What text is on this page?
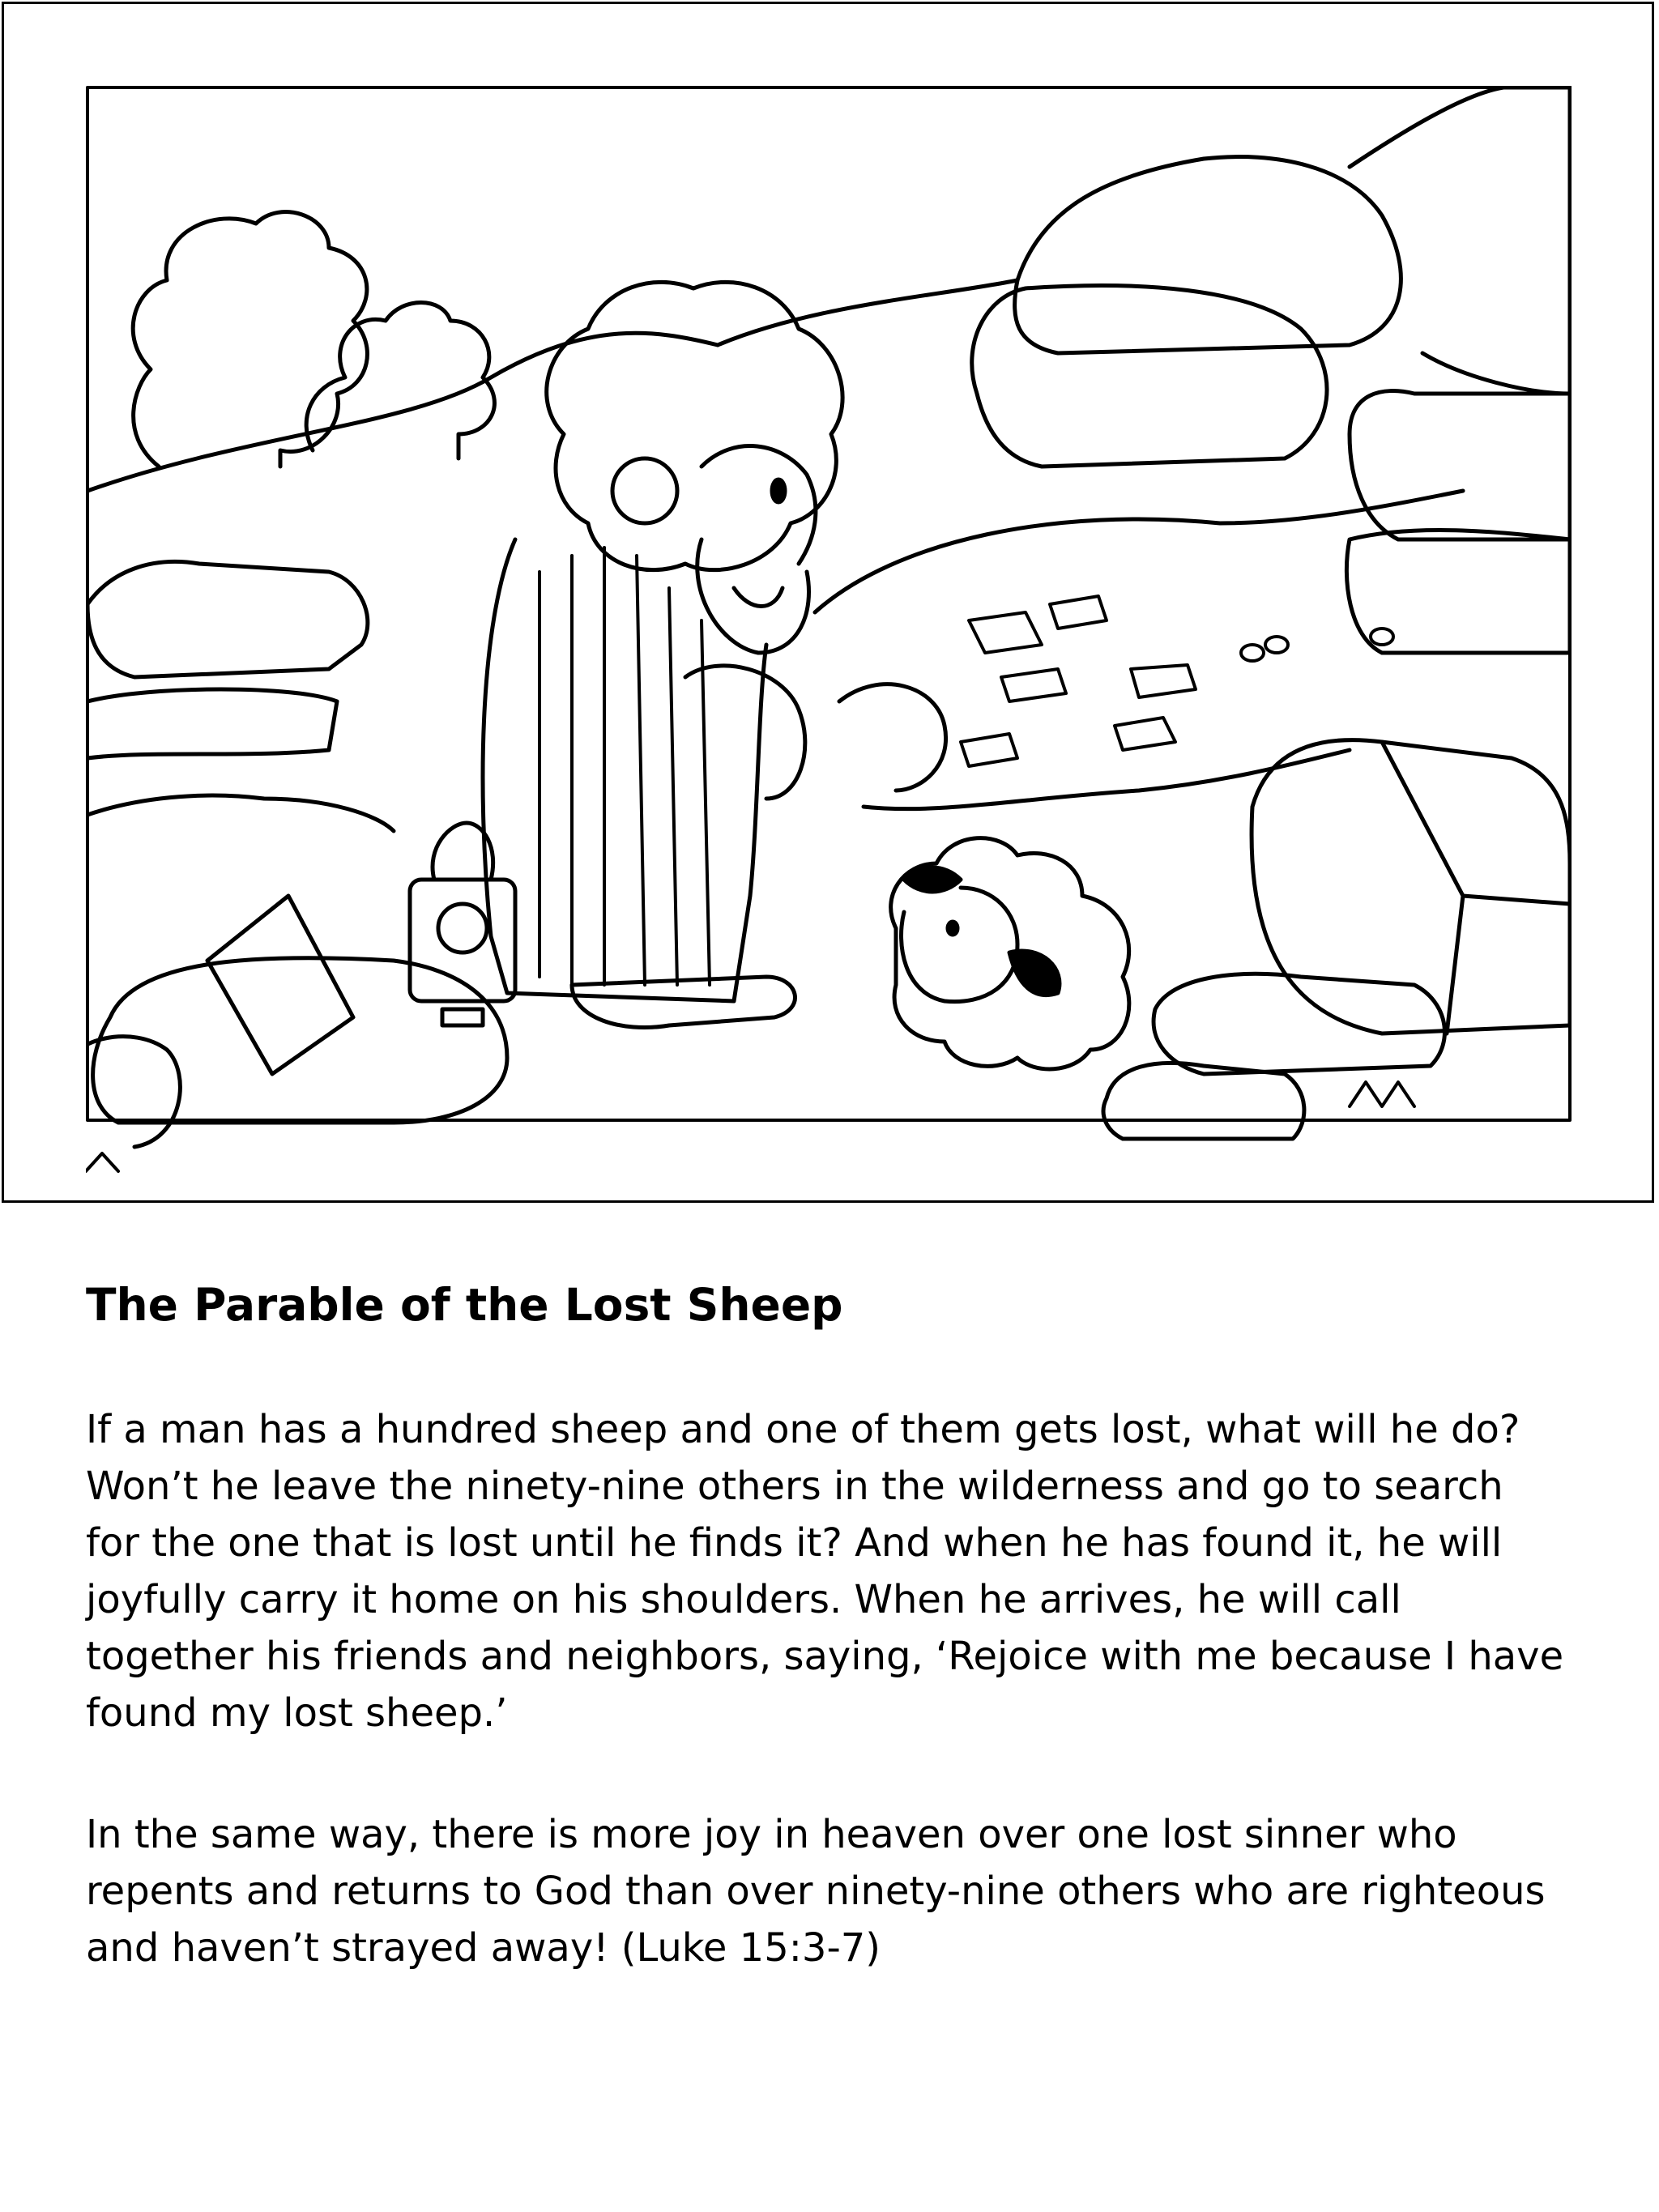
The Parable of the Lost Sheep

If a man has a hundred sheep and one of them gets lost, what will he do? Won’t he leave the ninety-nine others in the wilderness and go to search for the one that is lost until he finds it? And when he has found it, he will joyfully carry it home on his shoulders. When he arrives, he will call together his friends and neighbors, saying, ‘Rejoice with me because I have found my lost sheep.’

In the same way, there is more joy in heaven over one lost sinner who repents and returns to God than over ninety-nine others who are righteous and haven’t strayed away! (Luke 15:3-7)
